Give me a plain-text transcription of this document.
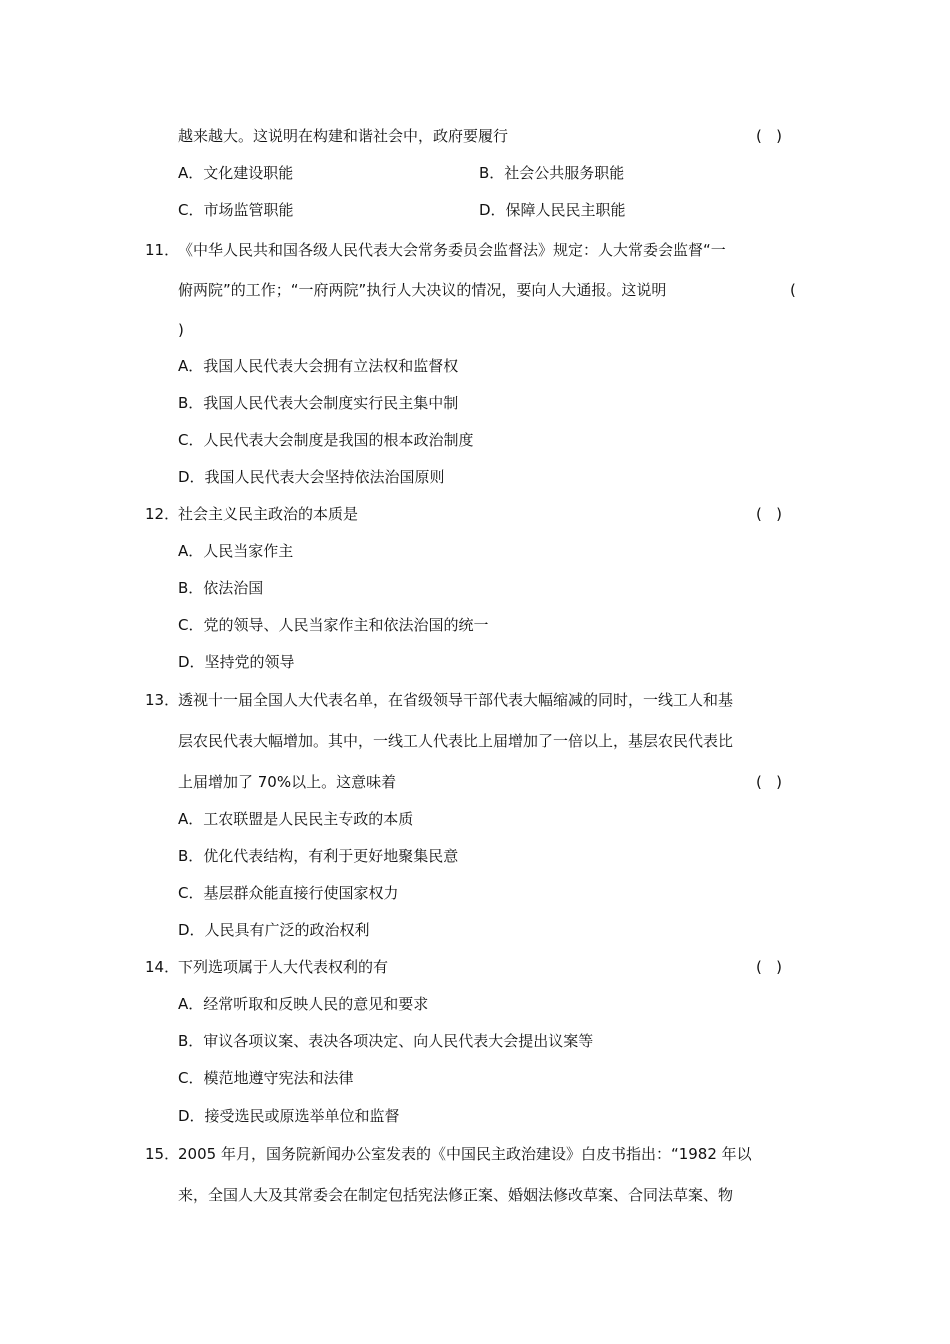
越来越大。这说明在构建和谐社会中，政府要履行	(   )
A．文化建设职能	B．社会公共服务职能
C．市场监管职能	D．保障人民民主职能
11．
《中华人民共和国各级人民代表大会常务委员会监督法》规定：人大常委会监督“一
俯两院”的工作；“一府两院”执行人大决议的情况，要向人大通报。这说明	(
)
A．我国人民代表大会拥有立法权和监督权
B．我国人民代表大会制度实行民主集中制
C．人民代表大会制度是我国的根本政治制度
D．我国人民代表大会坚持依法治国原则
12．
社会主义民主政治的本质是	(   )
A．人民当家作主
B．依法治国
C．党的领导、人民当家作主和依法治国的统一
D．坚持党的领导
13．
透视十一届全国人大代表名单，在省级领导干部代表大幅缩减的同时，一线工人和基
层农民代表大幅增加。其中，一线工人代表比上届增加了一倍以上，基层农民代表比
上届增加了 70%以上。这意味着	(   )
A．工农联盟是人民民主专政的本质
B．优化代表结构，有利于更好地聚集民意
C．基层群众能直接行使国家权力
D．人民具有广泛的政治权利
14．
下列选项属于人大代表权利的有	(   )
A．经常听取和反映人民的意见和要求
B．审议各项议案、表决各项决定、向人民代表大会提出议案等
C．模范地遵守宪法和法律
D．接受选民或原选举单位和监督
15．
2005 年月，国务院新闻办公室发表的《中国民主政治建设》白皮书指出：“1982 年以
来，全国人大及其常委会在制定包括宪法修正案、婚姻法修改草案、合同法草案、物
